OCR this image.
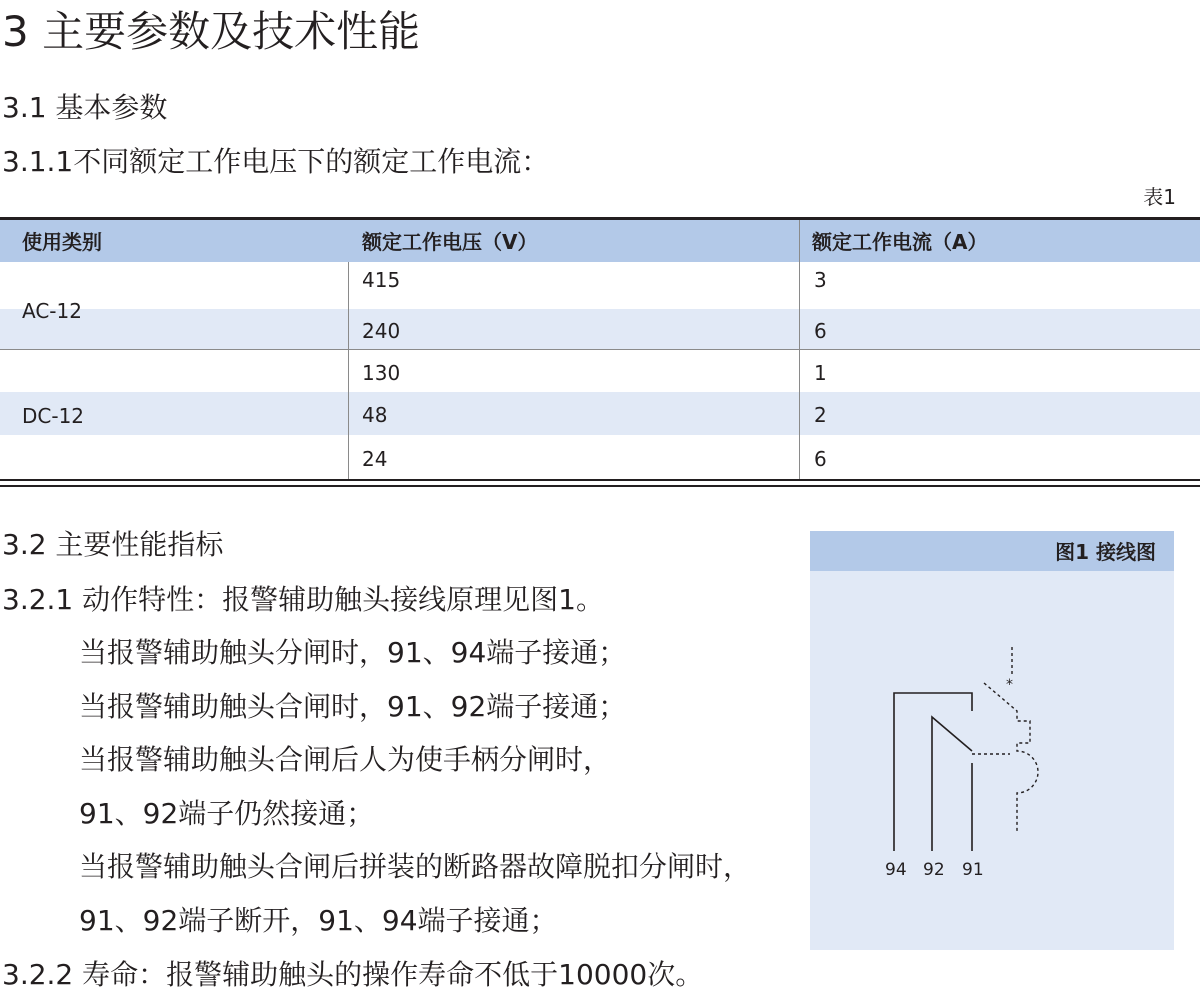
3 主要参数及技术性能
3.1 基本参数
3.1.1不同额定工作电压下的额定工作电流：
表1
使用类别	额定工作电压（V）	额定工作电流（A）
AC-12
415	3
240	6
DC-12
130	1
48	2
24	6
3.2 主要性能指标
3.2.1 动作特性：报警辅助触头接线原理见图1。
当报警辅助触头分闸时，91、94端子接通；
当报警辅助触头合闸时，91、92端子接通；
当报警辅助触头合闸后人为使手柄分闸时，
91、92端子仍然接通；
当报警辅助触头合闸后拼装的断路器故障脱扣分闸时，
91、92端子断开，91、94端子接通；
3.2.2 寿命：报警辅助触头的操作寿命不低于10000次。
图1 接线图
*
94 92 91
